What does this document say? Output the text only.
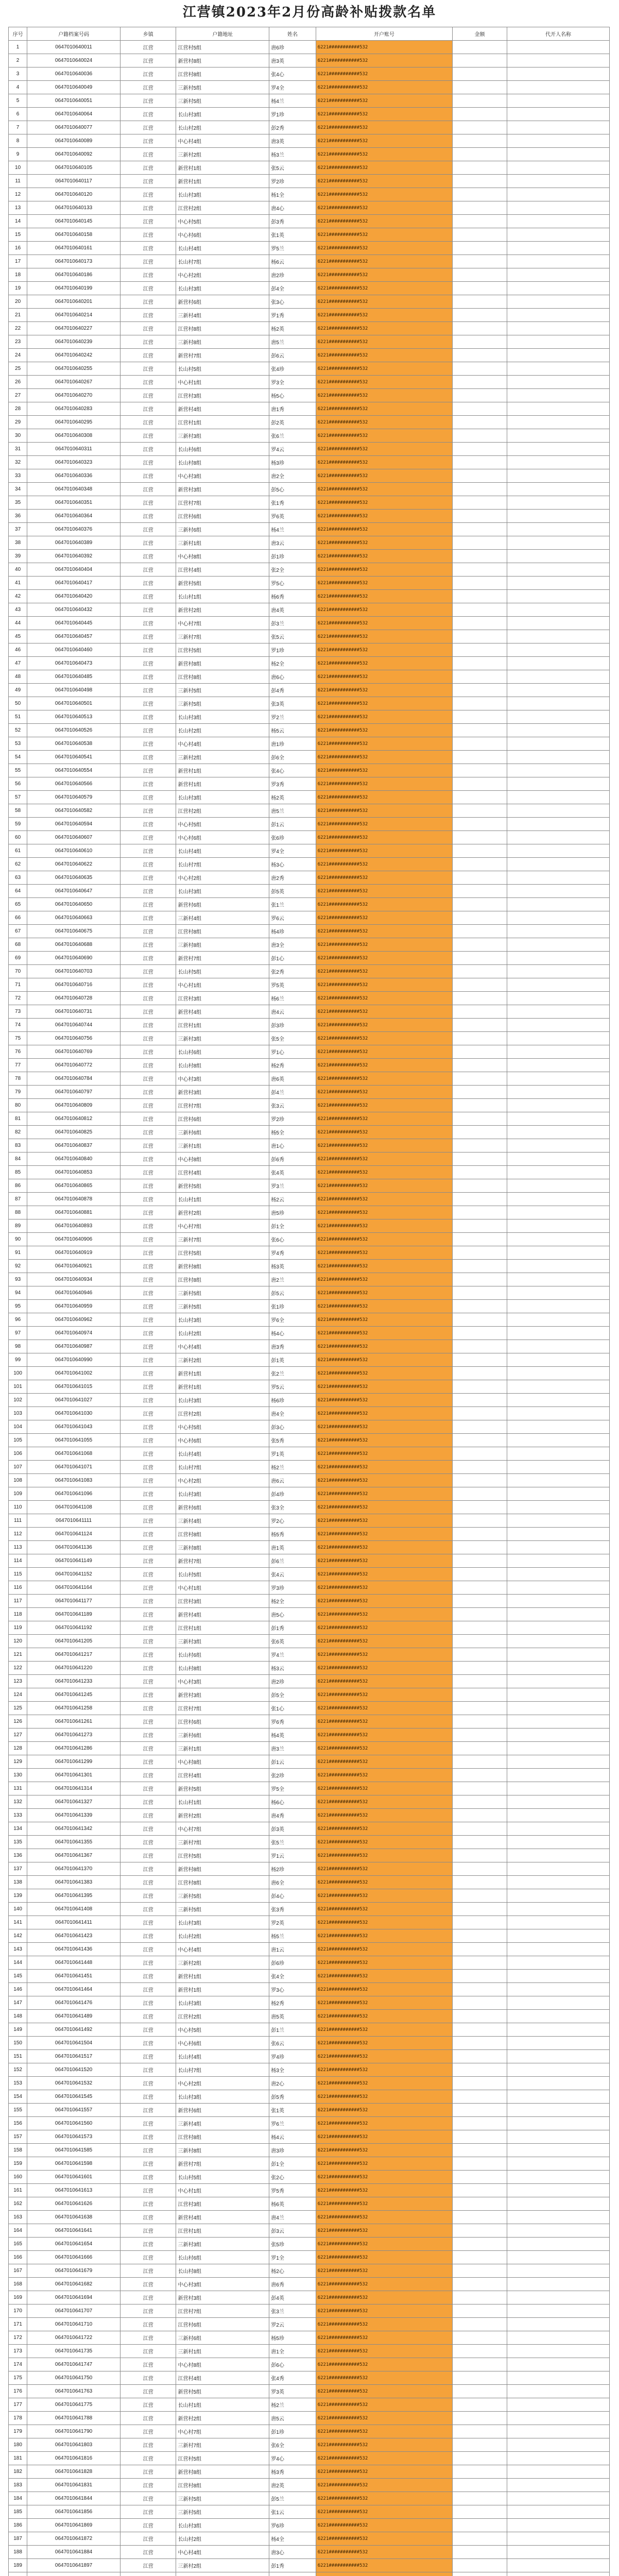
江营镇2023年2月份高龄补贴拨款名单
序号	户籍档案号码	乡镇	户籍地址	姓名	开户账号	金额	代开人名称
1	0647010640011	江营	江营村5组	唐6珍	6221###########532		
2	0647010640024	江营	新营村8组	唐3英	6221###########532		
3	0647010640036	江营	江营村8组	张4心	6221###########532		
4	0647010640049	江营	三新村5组	罗4全	6221###########532		
5	0647010640051	江营	三新村5组	杨4兰	6221###########532		
6	0647010640064	江营	长山村3组	罗1珍	6221###########532		
7	0647010640077	江营	长山村2组	彭2秀	6221###########532		
8	0647010640089	江营	中心村4组	唐3英	6221###########532		
9	0647010640092	江营	三新村2组	杨3兰	6221###########532		
10	0647010640105	江营	新营村1组	张5云	6221###########532		
11	0647010640117	江营	新营村1组	罗2珍	6221###########532		
12	0647010640120	江营	长山村3组	杨1全	6221###########532		
13	0647010640133	江营	江营村2组	唐4心	6221###########532		
14	0647010640145	江营	中心村5组	彭3秀	6221###########532		
15	0647010640158	江营	中心村6组	张1英	6221###########532		
16	0647010640161	江营	长山村4组	罗5兰	6221###########532		
17	0647010640173	江营	长山村7组	杨6云	6221###########532		
18	0647010640186	江营	中心村2组	唐2珍	6221###########532		
19	0647010640199	江营	长山村3组	彭4全	6221###########532		
20	0647010640201	江营	新营村6组	张3心	6221###########532		
21	0647010640214	江营	三新村4组	罗1秀	6221###########532		
22	0647010640227	江营	江营村8组	杨2英	6221###########532		
23	0647010640239	江营	三新村8组	唐5兰	6221###########532		
24	0647010640242	江营	新营村7组	彭6云	6221###########532		
25	0647010640255	江营	长山村5组	张4珍	6221###########532		
26	0647010640267	江营	中心村1组	罗3全	6221###########532		
27	0647010640270	江营	江营村3组	杨5心	6221###########532		
28	0647010640283	江营	新营村4组	唐1秀	6221###########532		
29	0647010640295	江营	江营村1组	彭2英	6221###########532		
30	0647010640308	江营	三新村3组	张6兰	6221###########532		
31	0647010640311	江营	长山村6组	罗4云	6221###########532		
32	0647010640323	江营	长山村8组	杨3珍	6221###########532		
33	0647010640336	江营	中心村3组	唐2全	6221###########532		
34	0647010640348	江营	新营村3组	彭5心	6221###########532		
35	0647010640351	江营	江营村7组	张1秀	6221###########532		
36	0647010640364	江营	江营村6组	罗6英	6221###########532		
37	0647010640376	江营	三新村6组	杨4兰	6221###########532		
38	0647010640389	江营	三新村1组	唐3云	6221###########532		
39	0647010640392	江营	中心村8组	彭1珍	6221###########532		
40	0647010640404	江营	江营村4组	张2全	6221###########532		
41	0647010640417	江营	新营村5组	罗5心	6221###########532		
42	0647010640420	江营	长山村1组	杨6秀	6221###########532		
43	0647010640432	江营	新营村2组	唐4英	6221###########532		
44	0647010640445	江营	中心村7组	彭3兰	6221###########532		
45	0647010640457	江营	三新村7组	张5云	6221###########532		
46	0647010640460	江营	江营村5组	罗1珍	6221###########532		
47	0647010640473	江营	新营村8组	杨2全	6221###########532		
48	0647010640485	江营	江营村8组	唐6心	6221###########532		
49	0647010640498	江营	三新村5组	彭4秀	6221###########532		
50	0647010640501	江营	三新村5组	张3英	6221###########532		
51	0647010640513	江营	长山村3组	罗2兰	6221###########532		
52	0647010640526	江营	长山村2组	杨5云	6221###########532		
53	0647010640538	江营	中心村4组	唐1珍	6221###########532		
54	0647010640541	江营	三新村2组	彭6全	6221###########532		
55	0647010640554	江营	新营村1组	张4心	6221###########532		
56	0647010640566	江营	新营村1组	罗3秀	6221###########532		
57	0647010640579	江营	长山村3组	杨2英	6221###########532		
58	0647010640582	江营	江营村2组	唐5兰	6221###########532		
59	0647010640594	江营	中心村5组	彭1云	6221###########532		
60	0647010640607	江营	中心村6组	张6珍	6221###########532		
61	0647010640610	江营	长山村4组	罗4全	6221###########532		
62	0647010640622	江营	长山村7组	杨3心	6221###########532		
63	0647010640635	江营	中心村2组	唐2秀	6221###########532		
64	0647010640647	江营	长山村3组	彭5英	6221###########532		
65	0647010640650	江营	新营村6组	张1兰	6221###########532		
66	0647010640663	江营	三新村4组	罗6云	6221###########532		
67	0647010640675	江营	江营村8组	杨4珍	6221###########532		
68	0647010640688	江营	三新村8组	唐3全	6221###########532		
69	0647010640690	江营	新营村7组	彭1心	6221###########532		
70	0647010640703	江营	长山村5组	张2秀	6221###########532		
71	0647010640716	江营	中心村1组	罗5英	6221###########532		
72	0647010640728	江营	江营村3组	杨6兰	6221###########532		
73	0647010640731	江营	新营村4组	唐4云	6221###########532		
74	0647010640744	江营	江营村1组	彭3珍	6221###########532		
75	0647010640756	江营	三新村3组	张5全	6221###########532		
76	0647010640769	江营	长山村6组	罗1心	6221###########532		
77	0647010640772	江营	长山村8组	杨2秀	6221###########532		
78	0647010640784	江营	中心村3组	唐6英	6221###########532		
79	0647010640797	江营	新营村3组	彭4兰	6221###########532		
80	0647010640809	江营	江营村7组	张3云	6221###########532		
81	0647010640812	江营	江营村6组	罗2珍	6221###########532		
82	0647010640825	江营	三新村6组	杨5全	6221###########532		
83	0647010640837	江营	三新村1组	唐1心	6221###########532		
84	0647010640840	江营	中心村8组	彭6秀	6221###########532		
85	0647010640853	江营	江营村4组	张4英	6221###########532		
86	0647010640865	江营	新营村5组	罗3兰	6221###########532		
87	0647010640878	江营	长山村1组	杨2云	6221###########532		
88	0647010640881	江营	新营村2组	唐5珍	6221###########532		
89	0647010640893	江营	中心村7组	彭1全	6221###########532		
90	0647010640906	江营	三新村7组	张6心	6221###########532		
91	0647010640919	江营	江营村5组	罗4秀	6221###########532		
92	0647010640921	江营	新营村8组	杨3英	6221###########532		
93	0647010640934	江营	江营村8组	唐2兰	6221###########532		
94	0647010640946	江营	三新村5组	彭5云	6221###########532		
95	0647010640959	江营	三新村5组	张1珍	6221###########532		
96	0647010640962	江营	长山村3组	罗6全	6221###########532		
97	0647010640974	江营	长山村2组	杨4心	6221###########532		
98	0647010640987	江营	中心村4组	唐3秀	6221###########532		
99	0647010640990	江营	三新村2组	彭1英	6221###########532		
100	0647010641002	江营	新营村1组	张2兰	6221###########532		
101	0647010641015	江营	新营村1组	罗5云	6221###########532		
102	0647010641027	江营	长山村3组	杨6珍	6221###########532		
103	0647010641030	江营	江营村2组	唐4全	6221###########532		
104	0647010641043	江营	中心村5组	彭3心	6221###########532		
105	0647010641055	江营	中心村6组	张5秀	6221###########532		
106	0647010641068	江营	长山村4组	罗1英	6221###########532		
107	0647010641071	江营	长山村7组	杨2兰	6221###########532		
108	0647010641083	江营	中心村2组	唐6云	6221###########532		
109	0647010641096	江营	长山村3组	彭4珍	6221###########532		
110	0647010641108	江营	新营村6组	张3全	6221###########532		
111	0647010641111	江营	三新村4组	罗2心	6221###########532		
112	0647010641124	江营	江营村8组	杨5秀	6221###########532		
113	0647010641136	江营	三新村8组	唐1英	6221###########532		
114	0647010641149	江营	新营村7组	彭6兰	6221###########532		
115	0647010641152	江营	长山村5组	张4云	6221###########532		
116	0647010641164	江营	中心村1组	罗3珍	6221###########532		
117	0647010641177	江营	江营村3组	杨2全	6221###########532		
118	0647010641189	江营	新营村4组	唐5心	6221###########532		
119	0647010641192	江营	江营村1组	彭1秀	6221###########532		
120	0647010641205	江营	三新村3组	张6英	6221###########532		
121	0647010641217	江营	长山村6组	罗4兰	6221###########532		
122	0647010641220	江营	长山村8组	杨3云	6221###########532		
123	0647010641233	江营	中心村3组	唐2珍	6221###########532		
124	0647010641245	江营	新营村3组	彭5全	6221###########532		
125	0647010641258	江营	江营村7组	张1心	6221###########532		
126	0647010641261	江营	江营村6组	罗6秀	6221###########532		
127	0647010641273	江营	三新村6组	杨4英	6221###########532		
128	0647010641286	江营	三新村1组	唐3兰	6221###########532		
129	0647010641299	江营	中心村8组	彭1云	6221###########532		
130	0647010641301	江营	江营村4组	张2珍	6221###########532		
131	0647010641314	江营	新营村5组	罗5全	6221###########532		
132	0647010641327	江营	长山村1组	杨6心	6221###########532		
133	0647010641339	江营	新营村2组	唐4秀	6221###########532		
134	0647010641342	江营	中心村7组	彭3英	6221###########532		
135	0647010641355	江营	三新村7组	张5兰	6221###########532		
136	0647010641367	江营	江营村5组	罗1云	6221###########532		
137	0647010641370	江营	新营村8组	杨2珍	6221###########532		
138	0647010641383	江营	江营村8组	唐6全	6221###########532		
139	0647010641395	江营	三新村5组	彭4心	6221###########532		
140	0647010641408	江营	三新村5组	张3秀	6221###########532		
141	0647010641411	江营	长山村3组	罗2英	6221###########532		
142	0647010641423	江营	长山村2组	杨5兰	6221###########532		
143	0647010641436	江营	中心村4组	唐1云	6221###########532		
144	0647010641448	江营	三新村2组	彭6珍	6221###########532		
145	0647010641451	江营	新营村1组	张4全	6221###########532		
146	0647010641464	江营	新营村1组	罗3心	6221###########532		
147	0647010641476	江营	长山村3组	杨2秀	6221###########532		
148	0647010641489	江营	江营村2组	唐5英	6221###########532		
149	0647010641492	江营	中心村5组	彭1兰	6221###########532		
150	0647010641504	江营	中心村6组	张6云	6221###########532		
151	0647010641517	江营	长山村4组	罗4珍	6221###########532		
152	0647010641520	江营	长山村7组	杨3全	6221###########532		
153	0647010641532	江营	中心村2组	唐2心	6221###########532		
154	0647010641545	江营	长山村3组	彭5秀	6221###########532		
155	0647010641557	江营	新营村6组	张1英	6221###########532		
156	0647010641560	江营	三新村4组	罗6兰	6221###########532		
157	0647010641573	江营	江营村8组	杨4云	6221###########532		
158	0647010641585	江营	三新村8组	唐3珍	6221###########532		
159	0647010641598	江营	新营村7组	彭1全	6221###########532		
160	0647010641601	江营	长山村5组	张2心	6221###########532		
161	0647010641613	江营	中心村1组	罗5秀	6221###########532		
162	0647010641626	江营	江营村3组	杨6英	6221###########532		
163	0647010641638	江营	新营村4组	唐4兰	6221###########532		
164	0647010641641	江营	江营村1组	彭3云	6221###########532		
165	0647010641654	江营	三新村3组	张5珍	6221###########532		
166	0647010641666	江营	长山村6组	罗1全	6221###########532		
167	0647010641679	江营	长山村8组	杨2心	6221###########532		
168	0647010641682	江营	中心村3组	唐6秀	6221###########532		
169	0647010641694	江营	新营村3组	彭4英	6221###########532		
170	0647010641707	江营	江营村7组	张3兰	6221###########532		
171	0647010641710	江营	江营村6组	罗2云	6221###########532		
172	0647010641722	江营	三新村6组	杨5珍	6221###########532		
173	0647010641735	江营	三新村1组	唐1全	6221###########532		
174	0647010641747	江营	中心村8组	彭6心	6221###########532		
175	0647010641750	江营	江营村4组	张4秀	6221###########532		
176	0647010641763	江营	新营村5组	罗3英	6221###########532		
177	0647010641775	江营	长山村1组	杨2兰	6221###########532		
178	0647010641788	江营	新营村2组	唐5云	6221###########532		
179	0647010641790	江营	中心村7组	彭1珍	6221###########532		
180	0647010641803	江营	三新村7组	张6全	6221###########532		
181	0647010641816	江营	江营村5组	罗4心	6221###########532		
182	0647010641828	江营	新营村8组	杨3秀	6221###########532		
183	0647010641831	江营	江营村8组	唐2英	6221###########532		
184	0647010641844	江营	三新村5组	彭5兰	6221###########532		
185	0647010641856	江营	三新村5组	张1云	6221###########532		
186	0647010641869	江营	长山村3组	罗6珍	6221###########532		
187	0647010641872	江营	长山村2组	杨4全	6221###########532		
188	0647010641884	江营	中心村4组	唐3心	6221###########532		
189	0647010641897	江营	三新村2组	彭1秀	6221###########532		
